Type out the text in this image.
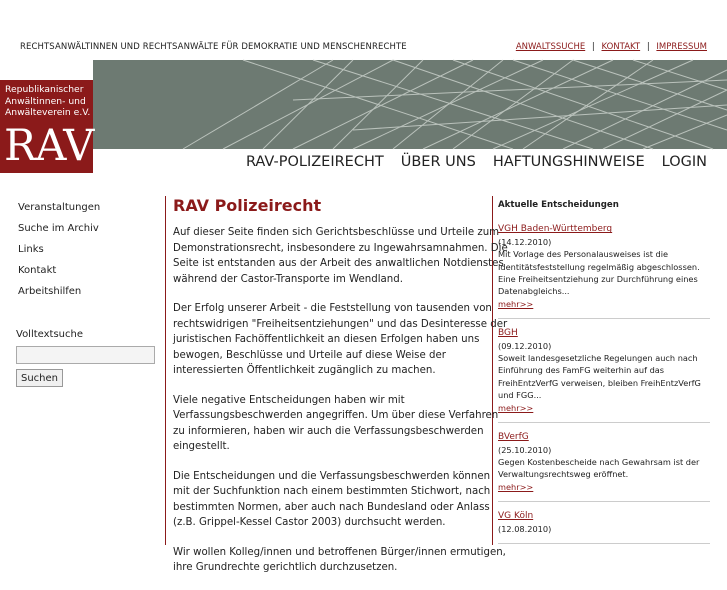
RECHTSANWÄLTINNEN UND RECHTSANWÄLTE FÜR DEMOKRATIE UND MENSCHENRECHTE	ANWALTSSUCHE | KONTAKT | IMPRESSUM
Republikanischer
Anwältinnen- und
Anwälteverein e.V.
RAV	RAV-POLIZEIRECHT ÜBER UNS HAFTUNGSHINWEISE LOGIN
Veranstaltungen
Suche im Archiv
Links
Kontakt
Arbeitshilfen
Volltextsuche
Suchen
RAV Polizeirecht

Auf dieser Seite finden sich Gerichtsbeschlüsse und Urteile zum Demonstrationsrecht, insbesondere zu Ingewahrsamnahmen. Die Seite ist entstanden aus der Arbeit des anwaltlichen Notdienstes während der Castor-Transporte im Wendland.

Der Erfolg unserer Arbeit - die Feststellung von tausenden von rechtswidrigen "Freiheitsentziehungen" und das Desinteresse der juristischen Fachöffentlichkeit an diesen Erfolgen haben uns bewogen, Beschlüsse und Urteile auf diese Weise der interessierten Öffentlichkeit zugänglich zu machen.

Viele negative Entscheidungen haben wir mit Verfassungsbeschwerden angegriffen. Um über diese Verfahren zu informieren, haben wir auch die Verfassungsbeschwerden eingestellt.

Die Entscheidungen und die Verfassungsbeschwerden können mit der Suchfunktion nach einem bestimmten Stichwort, nach bestimmten Normen, aber auch nach Bundesland oder Anlass (z.B. Grippel-Kessel Castor 2003) durchsucht werden.

Wir wollen Kolleg/innen und betroffenen Bürger/innen ermutigen, ihre Grundrechte gerichtlich durchzusetzen.

Aktuelle Entscheidungen
VGH Baden-Württemberg
(14.12.2010)
Mit Vorlage des Personalausweises ist die Identitätsfeststellung regelmäßig abgeschlossen. Eine Freiheitsentziehung zur Durchführung eines Datenabgleichs...
mehr>>
BGH
(09.12.2010)
Soweit landesgesetzliche Regelungen auch nach Einführung des FamFG weiterhin auf das FreihEntzVerfG verweisen, bleiben FreihEntzVerfG und FGG...
mehr>>
BVerfG
(25.10.2010)
Gegen Kostenbescheide nach Gewahrsam ist der Verwaltungsrechtsweg eröffnet.
mehr>>
VG Köln
(12.08.2010)
